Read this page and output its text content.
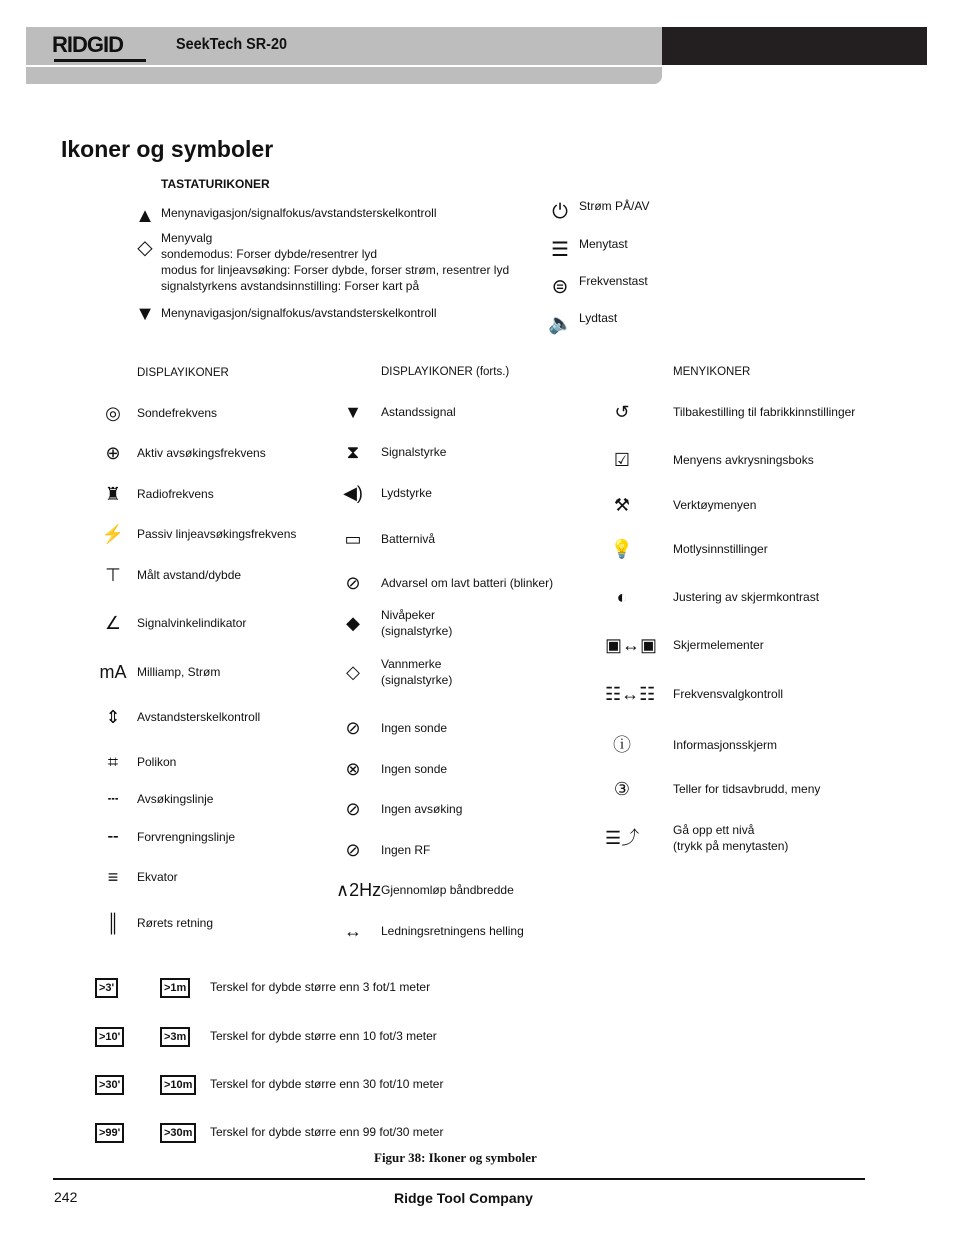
RIDGID	SeekTech SR-20
Ikoner og symboler
TASTATURIKONER
DISPLAYIKONER	DISPLAYIKONER (forts.)	MENYIKONER
◎	Sondefrekvens
⊕	Aktiv avsøkingsfrekvens
♜	Radiofrekvens
⚡	Passiv linjeavsøkingsfrekvens
⊤	Målt avstand/dybde
∠	Signalvinkelindikator
mA Milliamp, Strøm
⇕	Avstandsterskelkontroll
⌗	Polikon
┄	Avsøkingslinje
╌	Forvrengningslinje
≡	Ekvator
║	Rørets retning
▼	Astandssignal
⧗	Signalstyrke
◀)	Lydstyrke
▭	Batternivå
⊘	Advarsel om lavt batteri (blinker)
◆	Nivåpeker
(signalstyrke)
◇	Vannmerke
(signalstyrke)
⊘	Ingen sonde
⊗	Ingen sonde
⊘	Ingen avsøking
⊘	Ingen RF
∧2Hz Gjennomløp båndbredde
↔	Ledningsretningens helling
↺	Tilbakestilling til fabrikkinnstillinger
☑	Menyens avkrysningsboks
⚒	Verktøymenyen
💡	Motlysinnstillinger
◐	Justering av skjermkontrast
▣↔▣ Skjermelementer
☷↔☷ Frekvensvalgkontroll
ⓘ	Informasjonsskjerm
③	Teller for tidsavbrudd, meny
☰⤴	Gå opp ett nivå
(trykk på menytasten)
▲ Menynavigasjon/signalfokus/avstandsterskelkontroll
◇ Menyvalg
sondemodus: Forser dybde/resentrer lyd
modus for linjeavsøking: Forser dybde, forser strøm, resentrer lyd
signalstyrkens avstandsinnstilling: Forser kart på
▼ Menynavigasjon/signalfokus/avstandsterskelkontroll
⏻ Strøm PÅ/AV
☰ Menytast
⊜ Frekvenstast
🔈 Lydtast
>3'	>1m	Terskel for dybde større enn 3 fot/1 meter
>10'	>3m	Terskel for dybde større enn 10 fot/3 meter
>30'	>10m	Terskel for dybde større enn 30 fot/10 meter
>99'	>30m	Terskel for dybde større enn 99 fot/30 meter
Figur 38: Ikoner og symboler
242	Ridge Tool Company
